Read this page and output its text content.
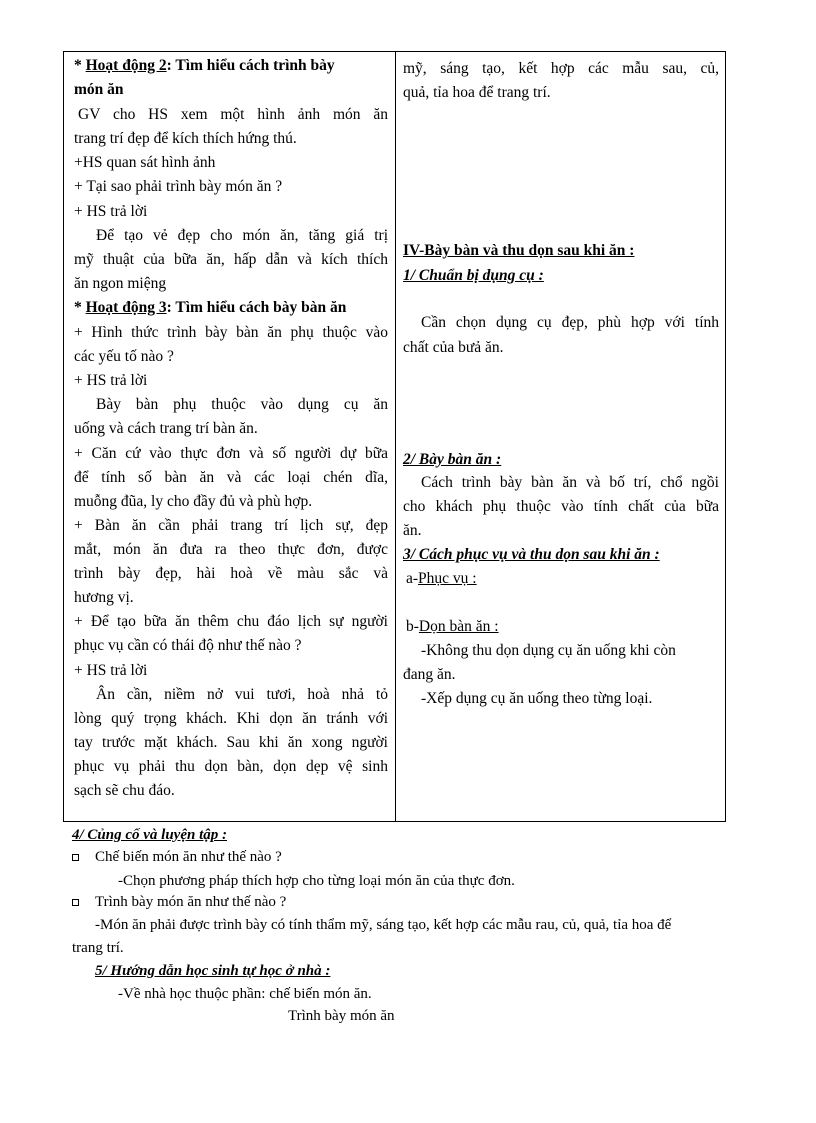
* Hoạt động 2: Tìm hiểu cách trình bày
món ăn
GV cho HS xem một hình ảnh món ăn
trang trí đẹp để kích thích hứng thú.
+HS quan sát hình ảnh
+ Tại sao phải trình bày món ăn ?
+ HS trả lời
Để tạo vẻ đẹp cho món ăn, tăng giá trị
mỹ thuật của bữa ăn, hấp dẫn và kích thích
ăn ngon miệng
* Hoạt động 3: Tìm hiểu cách bày bàn ăn
+ Hình thức trình bày bàn ăn phụ thuộc vào
các yếu tố nào ?
+ HS trả lời
Bày bàn phụ thuộc vào dụng cụ ăn
uống và cách trang trí bàn ăn.
+ Căn cứ vào thực đơn và số người dự bữa
để tính số bàn ăn và các loại chén dĩa,
muỗng đũa, ly cho đầy đủ và phù hợp.
+ Bàn ăn cần phải trang trí lịch sự, đẹp
mắt, món ăn đưa ra theo thực đơn, được
trình bày đẹp, hài hoà về màu sắc và
hương vị.
+ Để tạo bữa ăn thêm chu đáo lịch sự người
phục vụ cần có thái độ như thế nào ?
+ HS trả lời
Ân cần, niềm nở vui tươi, hoà nhả tỏ
lòng quý trọng khách. Khi dọn ăn tránh với
tay trước mặt khách. Sau khi ăn xong người
phục vụ phải thu dọn bàn, dọn dẹp vệ sinh
sạch sẽ chu đáo.
mỹ, sáng tạo, kết hợp các mẫu sau, củ,
quả, tỉa hoa để trang trí.
IV-Bày bàn và thu dọn sau khi ăn :
1/ Chuẩn bị dụng cụ :
Cần chọn dụng cụ đẹp, phù hợp với tính
chất của bưả ăn.
2/ Bày bàn ăn :
Cách trình bày bàn ăn và bố trí, chổ ngồi
cho khách phụ thuộc vào tính chất của bữa
ăn.
3/ Cách phục vụ và thu dọn sau khi ăn :
a-Phục vụ :
b-Dọn bàn ăn :
-Không thu dọn dụng cụ ăn uống khi còn
đang ăn.
-Xếp dụng cụ ăn uống theo từng loại.
4/ Củng cố và luyện tập :
Chế biến món ăn như thế nào ?
-Chọn phương pháp thích hợp cho từng loại món ăn của thực đơn.
Trình bày món ăn như thế nào ?
-Món ăn phải được trình bày có tính thẩm mỹ, sáng tạo, kết hợp các mẫu rau, củ, quả, tỉa hoa để
trang trí.
5/ Hướng dẫn học sinh tự học ở nhà :
-Về nhà học thuộc phần: chế biến món ăn.
Trình bày món ăn
